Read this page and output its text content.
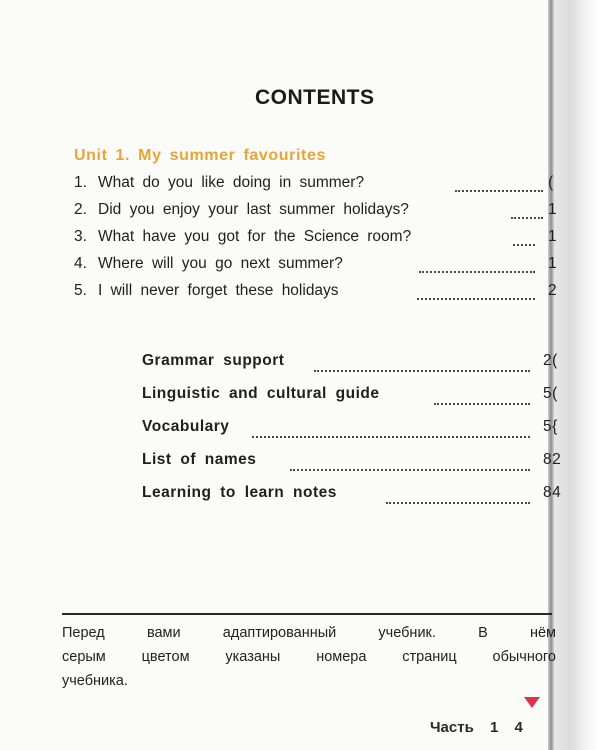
CONTENTS
Unit 1. My summer favourites
1. What do you like doing in summer?	(
2. Did you enjoy your last summer holidays?	1
3. What have you got for the Science room?	1
4. Where will you go next summer?	1
5. I will never forget these holidays	2
Grammar support	2(
Linguistic and cultural guide	5(
Vocabulary	5{
List of names	82
Learning to learn notes	84
Перед	вами	адаптированный	учебник.	В	нём
серым цветом указаны номера страниц обычного
учебника.
Часть 1 4
